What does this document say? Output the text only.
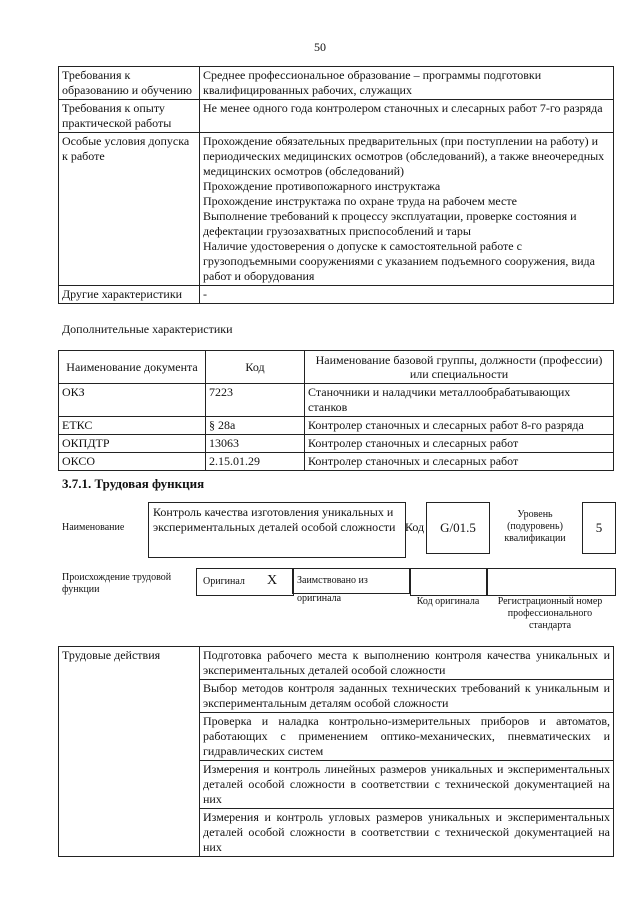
50
Требования к образованию и обучению	Среднее профессиональное образование – программы подготовки квалифицированных рабочих, служащих
Требования к опыту практической работы	Не менее одного года контролером станочных и слесарных работ 7-го разряда
Особые условия допуска к работе	Прохождение обязательных предварительных (при поступлении на работу) и периодических медицинских осмотров (обследований), а также внеочередных медицинских осмотров (обследований)
Прохождение противопожарного инструктажа
Прохождение инструктажа по охране труда на рабочем месте
Выполнение требований к процессу эксплуатации, проверке состояния и дефектации грузозахватных приспособлений и тары
Наличие удостоверения о допуске к самостоятельной работе с грузоподъемными сооружениями с указанием подъемного сооружения, вида работ и оборудования

Другие характеристики	-
Дополнительные характеристики
Наименование документа	Код	Наименование базовой группы, должности (профессии) или специальности
ОКЗ	7223	Станочники и наладчики металлообрабатывающих станков
ЕТКС	§ 28а	Контролер станочных и слесарных работ 8-го разряда
ОКПДТР	13063	Контролер станочных и слесарных работ
ОКСО	2.15.01.29	Контролер станочных и слесарных работ
3.7.1. Трудовая функция
Наименование
Контроль качества изготовления уникальных и экспериментальных деталей особой сложности Код	G/01.5
Уровень (подуровень) квалификации
5
Происхождение трудовой функции
Оригинал X	Заимствовано из оригинала	Код оригинала	Регистрационный номер профессионального стандарта
Трудовые действия	Подготовка рабочего места к выполнению контроля качества уникальных и экспериментальных деталей особой сложности
Выбор методов контроля заданных технических требований к уникальным и экспериментальным деталям особой сложности
Проверка и наладка контрольно-измерительных приборов и автоматов, работающих с применением оптико-механических, пневматических и гидравлических систем
Измерения и контроль линейных размеров уникальных и экспериментальных деталей особой сложности в соответствии с технической документацией на них
Измерения и контроль угловых размеров уникальных и экспериментальных деталей особой сложности в соответствии с технической документацией на них
